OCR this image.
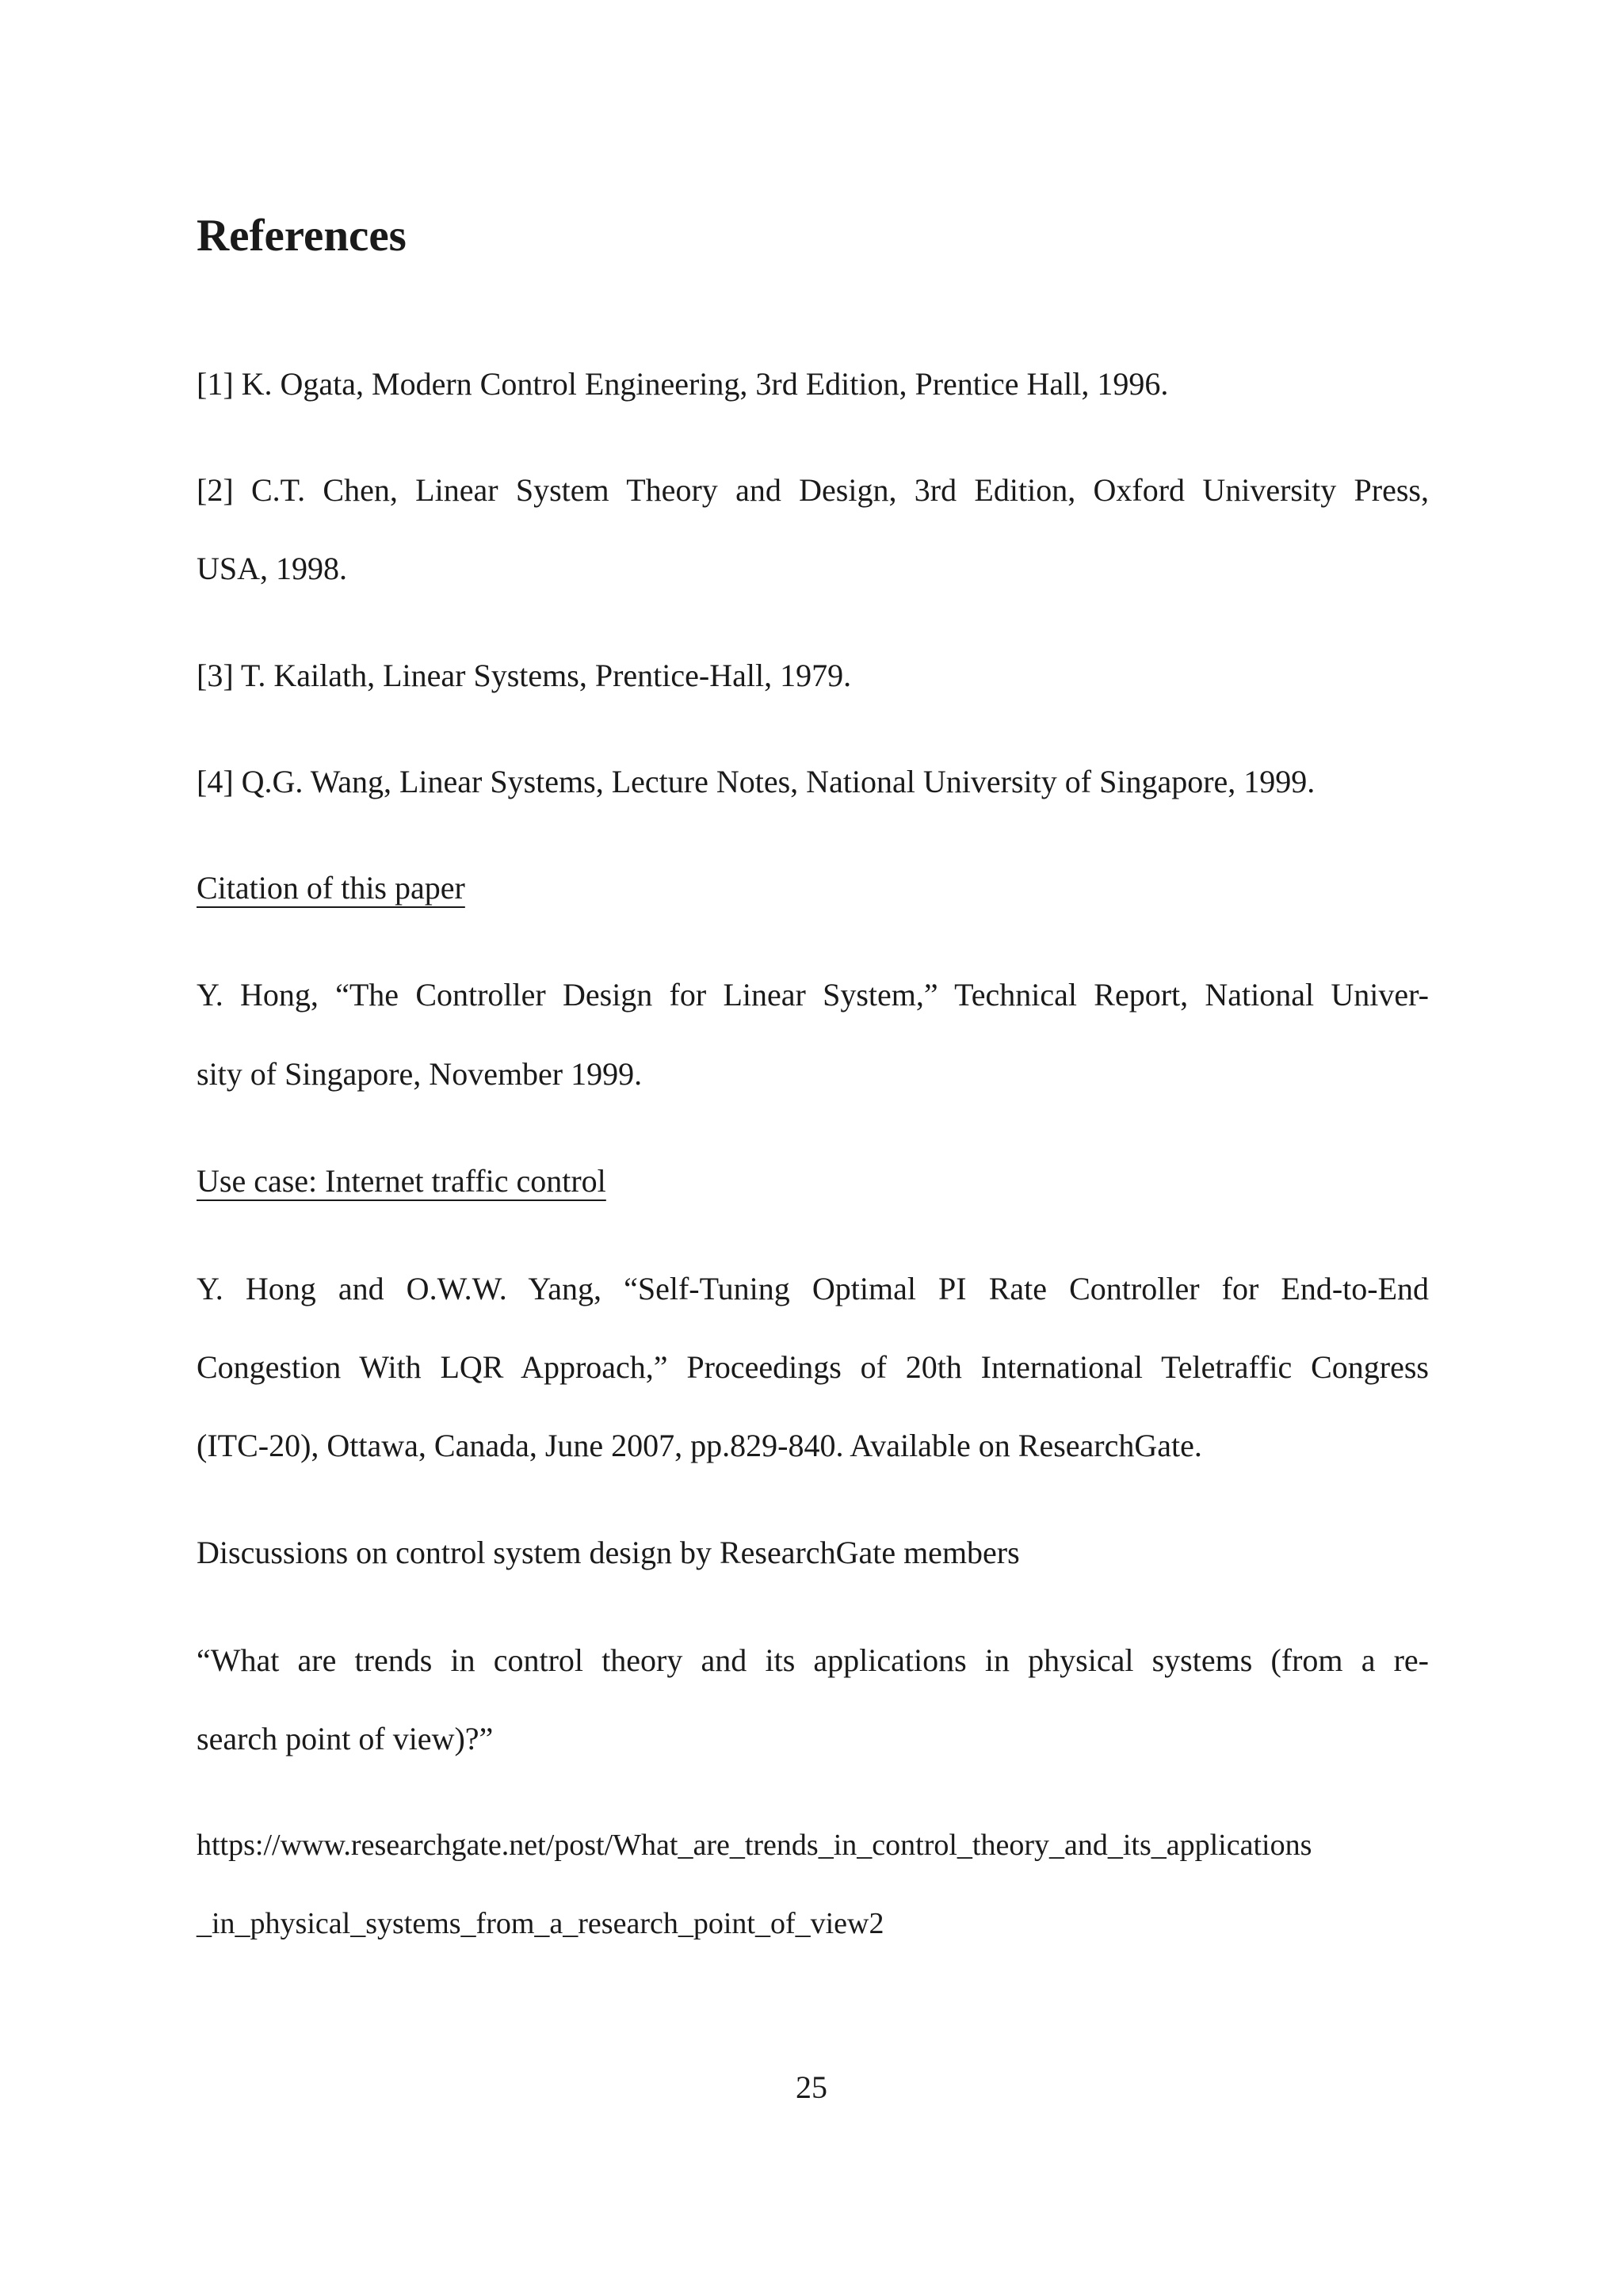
References
[1] K. Ogata, Modern Control Engineering, 3rd Edition, Prentice Hall, 1996.
[2] C.T. Chen, Linear System Theory and Design, 3rd Edition, Oxford University Press,
USA, 1998.
[3] T. Kailath, Linear Systems, Prentice-Hall, 1979.
[4] Q.G. Wang, Linear Systems, Lecture Notes, National University of Singapore, 1999.
Citation of this paper
Y. Hong, “The Controller Design for Linear System,” Technical Report, National Univer-
sity of Singapore, November 1999.
Use case: Internet traffic control
Y. Hong and O.W.W. Yang, “Self-Tuning Optimal PI Rate Controller for End-to-End
Congestion With LQR Approach,” Proceedings of 20th International Teletraffic Congress
(ITC-20), Ottawa, Canada, June 2007, pp.829-840. Available on ResearchGate.
Discussions on control system design by ResearchGate members
“What are trends in control theory and its applications in physical systems (from a re-
search point of view)?”
https://www.researchgate.net/post/What_are_trends_in_control_theory_and_its_applications
_in_physical_systems_from_a_research_point_of_view2
25
